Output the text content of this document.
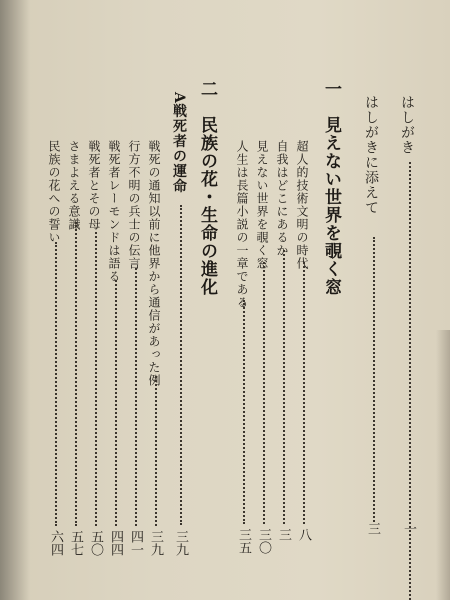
はしがき
一
はしがきに添えて
三
一　見えない世界を覗く窓
超人的技術文明の時代
八
自我はどこにあるか
三
見えない世界を覗く窓
三〇
人生は長篇小説の一章である
三五
二　民族の花・生命の進化
A戦死者の運命
三九
戦死の通知以前に他界から通信があった例
三九
行方不明の兵士の伝言
四一
戦死者レーモンドは語る
四四
戦死者とその母
五〇
さまよえる意識
五七
民族の花への誓い
六四
